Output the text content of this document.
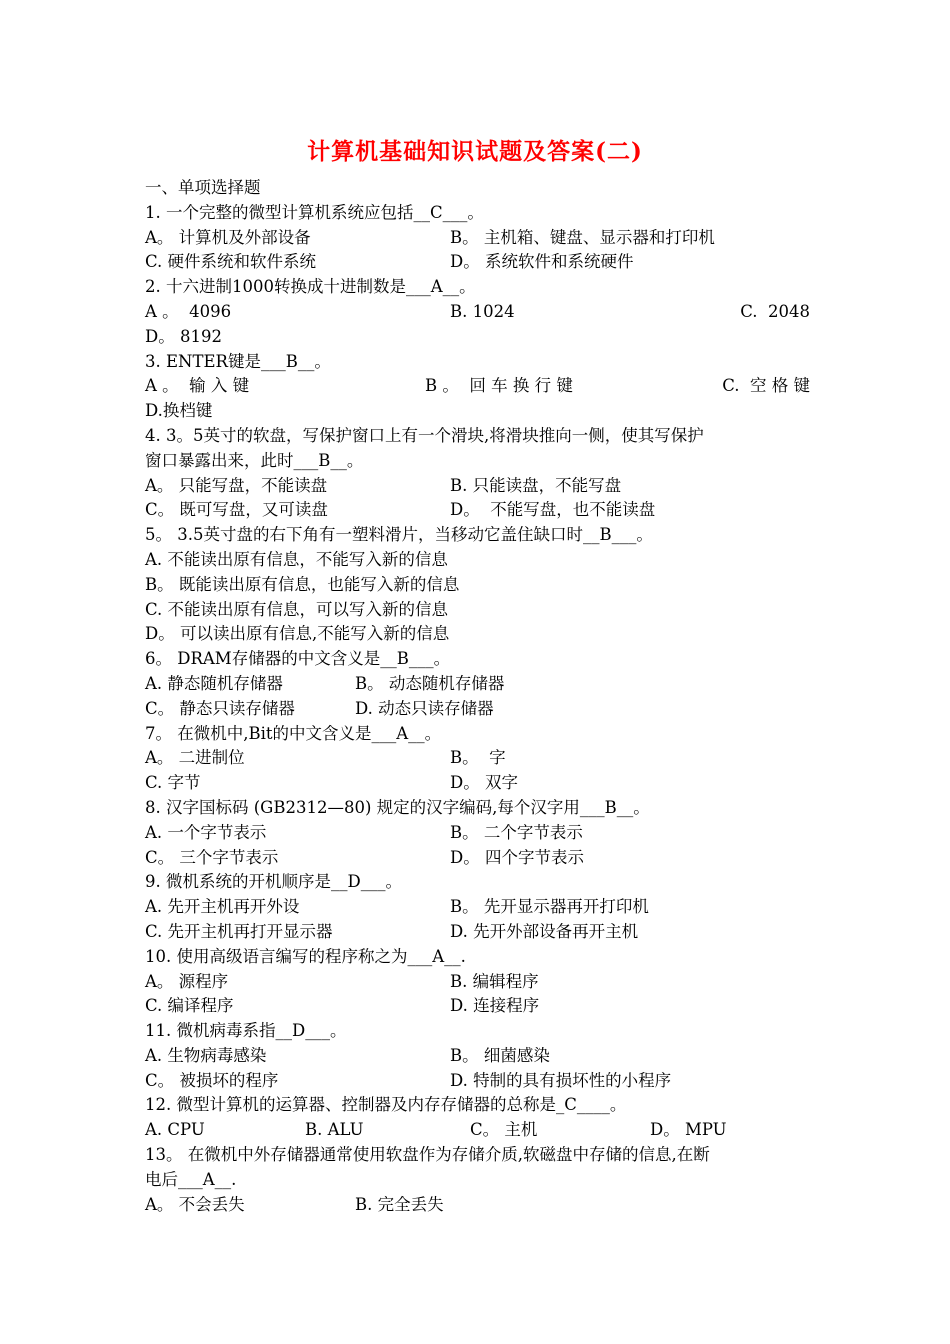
计算机基础知识试题及答案(二)
一、单项选择题
1. 一个完整的微型计算机系统应包括__C___。
A。 计算机及外部设备	B。 主机箱、键盘、显示器和打印机
C. 硬件系统和软件系统	D。 系统软件和系统硬件
2. 十六进制1000转换成十进制数是___A__。
A 。  4096	B. 1024	C.  2048
D。 8192
3. ENTER键是___B__。
A 。  输 入 键	B 。  回 车 换 行 键	C.  空 格 键
D.换档键
4. 3。5英寸的软盘，写保护窗口上有一个滑块,将滑块推向一侧，使其写保护
窗口暴露出来，此时___B__。
A。 只能写盘，不能读盘	B. 只能读盘，不能写盘
C。 既可写盘，又可读盘	D。  不能写盘，也不能读盘
5。 3.5英寸盘的右下角有一塑料滑片，当移动它盖住缺口时__B___。
A. 不能读出原有信息，不能写入新的信息
B。 既能读出原有信息，也能写入新的信息
C. 不能读出原有信息，可以写入新的信息
D。 可以读出原有信息,不能写入新的信息
6。 DRAM存储器的中文含义是__B___。
A. 静态随机存储器	B。 动态随机存储器
C。 静态只读存储器	D. 动态只读存储器
7。 在微机中,Bit的中文含义是___A__。
A。 二进制位	B。  字
C. 字节	D。 双字
8. 汉字国标码 (GB2312—80) 规定的汉字编码,每个汉字用___B__。
A. 一个字节表示	B。 二个字节表示
C。 三个字节表示	D。 四个字节表示
9. 微机系统的开机顺序是__D___。
A. 先开主机再开外设	B。 先开显示器再开打印机
C. 先开主机再打开显示器	D. 先开外部设备再开主机
10. 使用高级语言编写的程序称之为___A__.
A。 源程序	B. 编辑程序
C. 编译程序	D. 连接程序
11. 微机病毒系指__D___。
A. 生物病毒感染	B。 细菌感染
C。 被损坏的程序	D. 特制的具有损坏性的小程序
12. 微型计算机的运算器、控制器及内存存储器的总称是_C____。
A. CPU	B. ALU	C。 主机	D。 MPU
13。 在微机中外存储器通常使用软盘作为存储介质,软磁盘中存储的信息,在断
电后___A__.
A。 不会丢失	B. 完全丢失
